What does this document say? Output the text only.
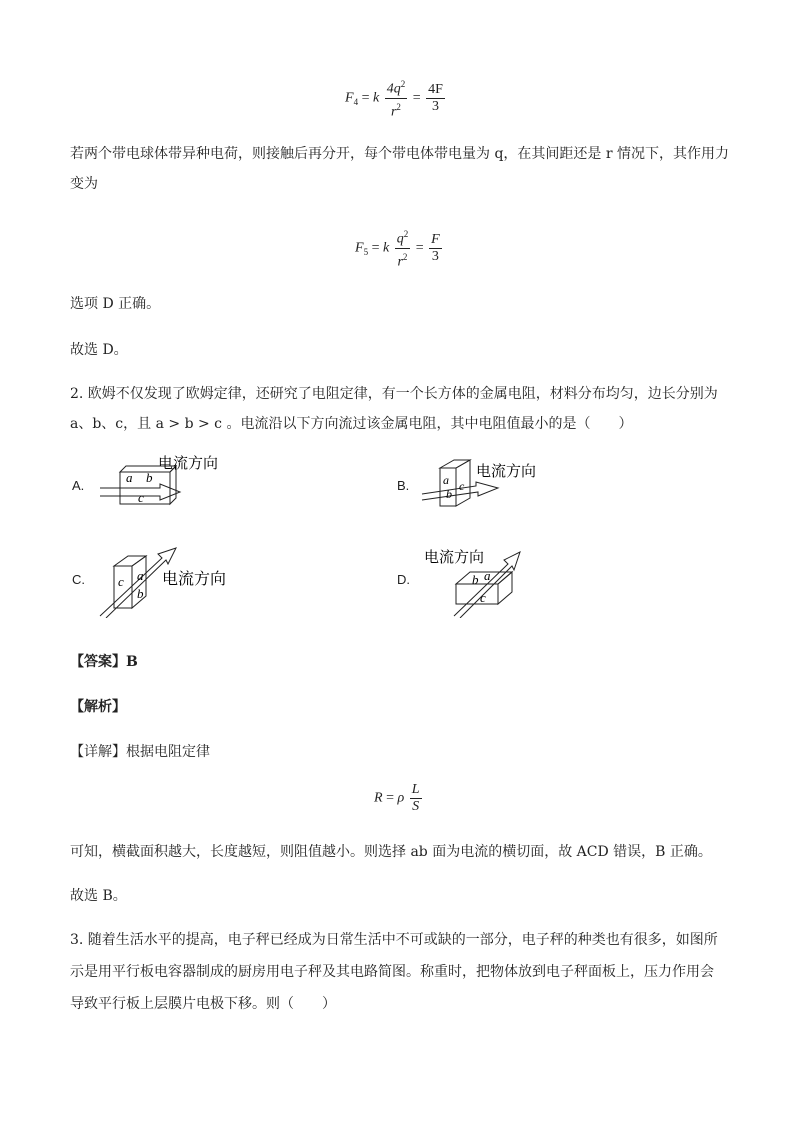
$F_4 = k \frac{4q^2}{r^2} = \frac{4F}{3}$
若两个带电球体带异种电荷，则接触后再分开，每个带电体带电量为 q，在其间距还是 r 情况下，其作用力
变为
$F_5 = k \frac{q^2}{r^2} = \frac{F}{3}$
选项 D 正确。
故选 D。
2. 欧姆不仅发现了欧姆定律，还研究了电阻定律，有一个长方体的金属电阻，材料分布均匀，边长分别为
a、b、c，且 a > b > c 。电流沿以下方向流过该金属电阻，其中电阻值最小的是（　　）
A.
a b
c
电流方向
B.	a
b
c
电流方向
C.	c a
b
电流方向	D.	b a
c
电流方向
【答案】B
【解析】
【详解】根据电阻定律
R = ρ $\frac{L}{S}$
可知，横截面积越大，长度越短，则阻值越小。则选择 ab 面为电流的横切面，故 ACD 错误，B 正确。
故选 B。
3. 随着生活水平的提高，电子秤已经成为日常生活中不可或缺的一部分，电子秤的种类也有很多，如图所
示是用平行板电容器制成的厨房用电子秤及其电路简图。称重时，把物体放到电子秤面板上，压力作用会
导致平行板上层膜片电极下移。则（　　）
